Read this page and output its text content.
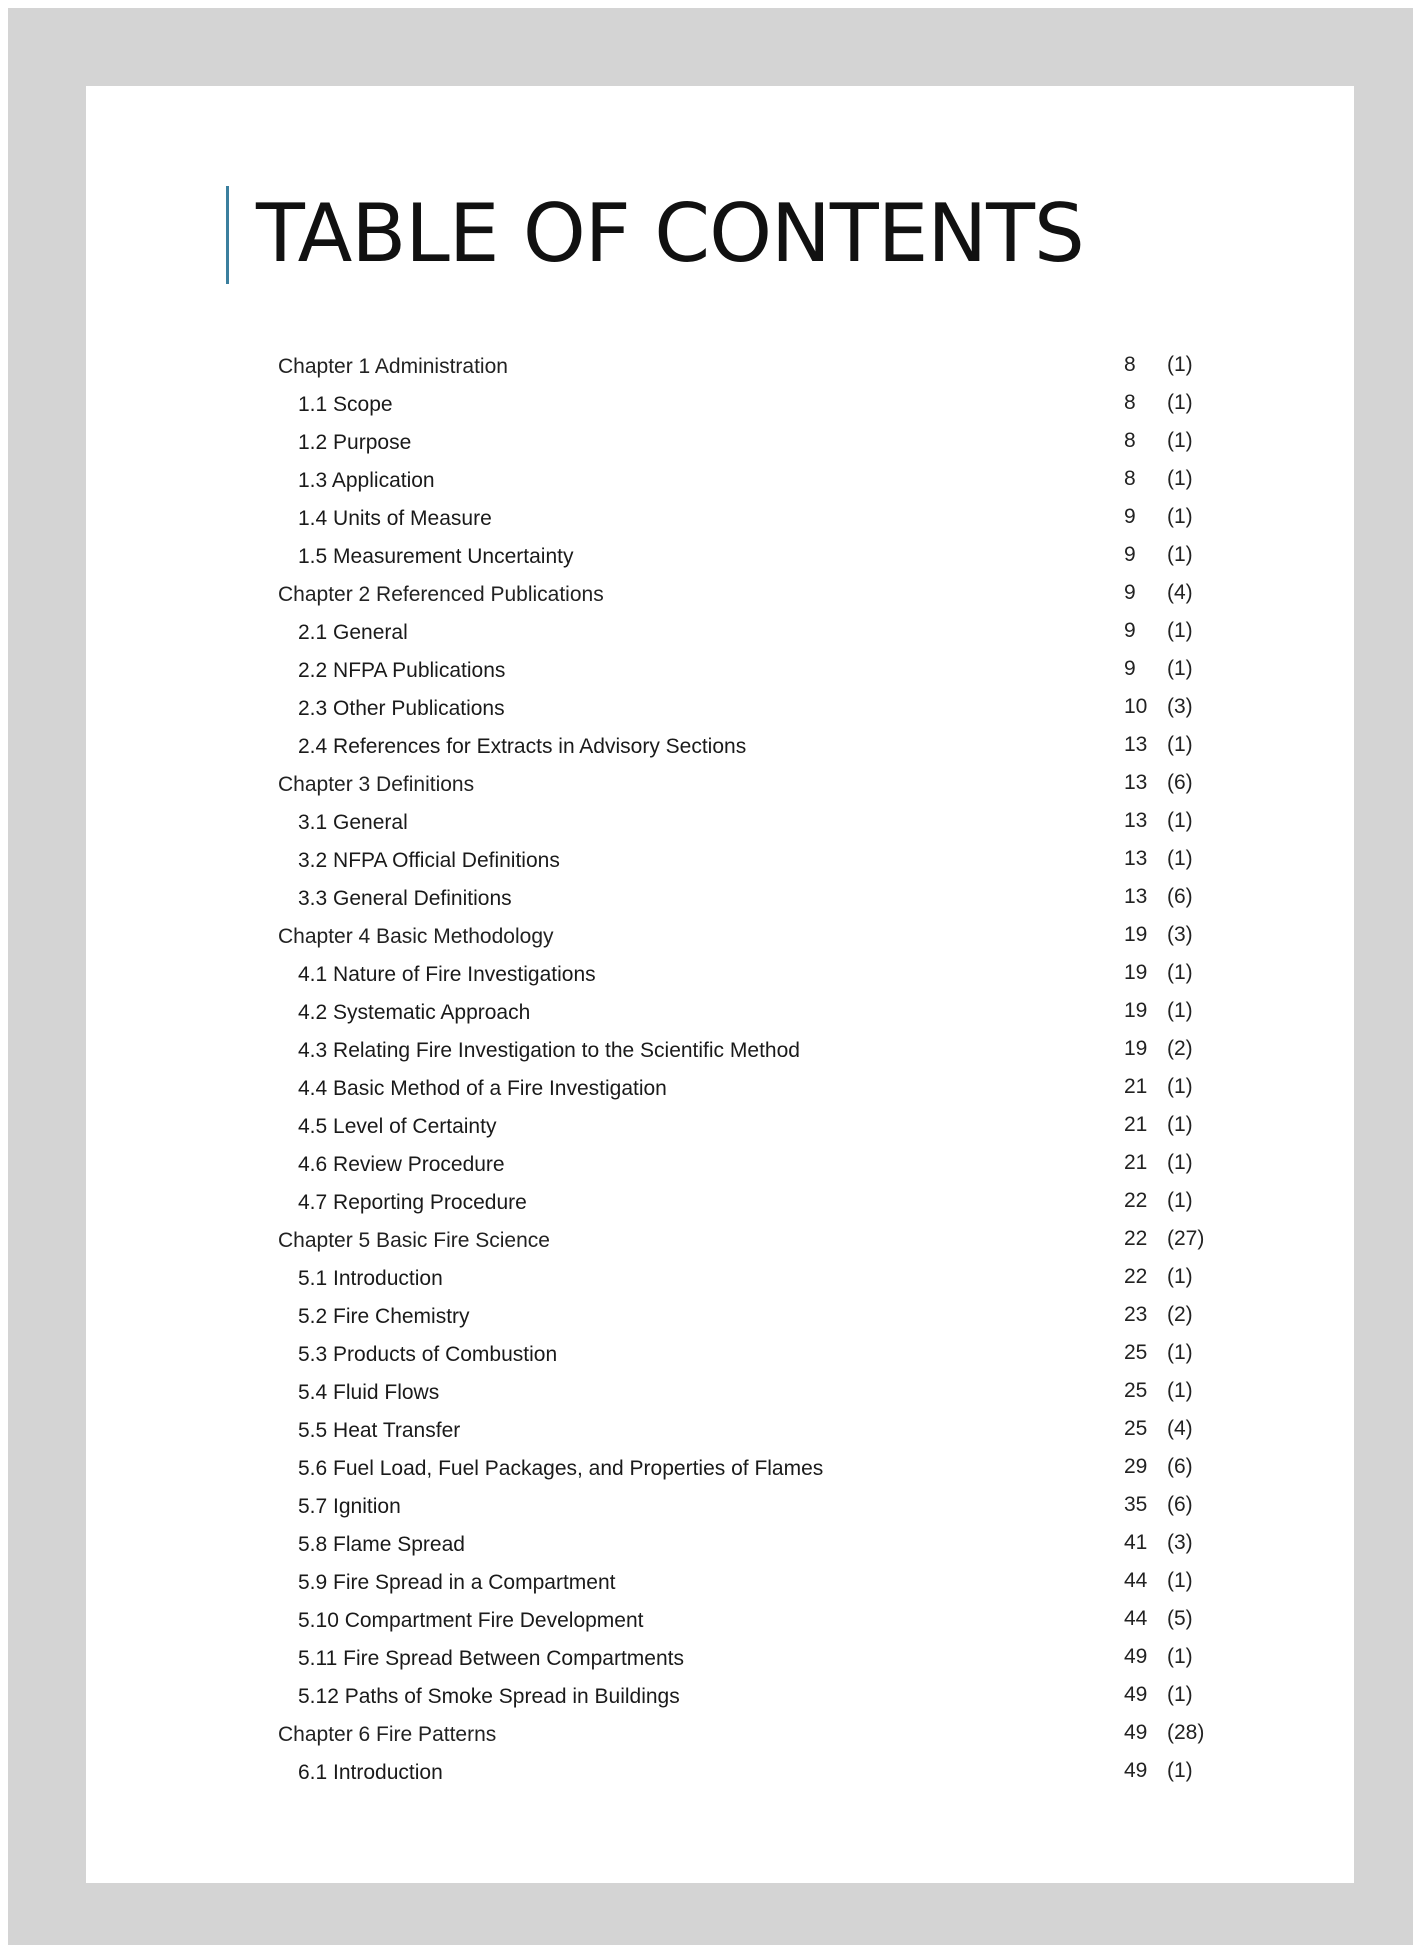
TABLE OF CONTENTS
Chapter 1 Administration	8 (1)
1.1 Scope	8 (1)
1.2 Purpose	8 (1)
1.3 Application	8 (1)
1.4 Units of Measure	9 (1)
1.5 Measurement Uncertainty	9 (1)
Chapter 2 Referenced Publications	9 (4)
2.1 General	9 (1)
2.2 NFPA Publications	9 (1)
2.3 Other Publications	10 (3)
2.4 References for Extracts in Advisory Sections	13 (1)
Chapter 3 Definitions	13 (6)
3.1 General	13 (1)
3.2 NFPA Official Definitions	13 (1)
3.3 General Definitions	13 (6)
Chapter 4 Basic Methodology	19 (3)
4.1 Nature of Fire Investigations	19 (1)
4.2 Systematic Approach	19 (1)
4.3 Relating Fire Investigation to the Scientific Method	19 (2)
4.4 Basic Method of a Fire Investigation	21 (1)
4.5 Level of Certainty	21 (1)
4.6 Review Procedure	21 (1)
4.7 Reporting Procedure	22 (1)
Chapter 5 Basic Fire Science	22 (27)
5.1 Introduction	22 (1)
5.2 Fire Chemistry	23 (2)
5.3 Products of Combustion	25 (1)
5.4 Fluid Flows	25 (1)
5.5 Heat Transfer	25 (4)
5.6 Fuel Load, Fuel Packages, and Properties of Flames	29 (6)
5.7 Ignition	35 (6)
5.8 Flame Spread	41 (3)
5.9 Fire Spread in a Compartment	44 (1)
5.10 Compartment Fire Development	44 (5)
5.11 Fire Spread Between Compartments	49 (1)
5.12 Paths of Smoke Spread in Buildings	49 (1)
Chapter 6 Fire Patterns	49 (28)
6.1 Introduction	49 (1)
